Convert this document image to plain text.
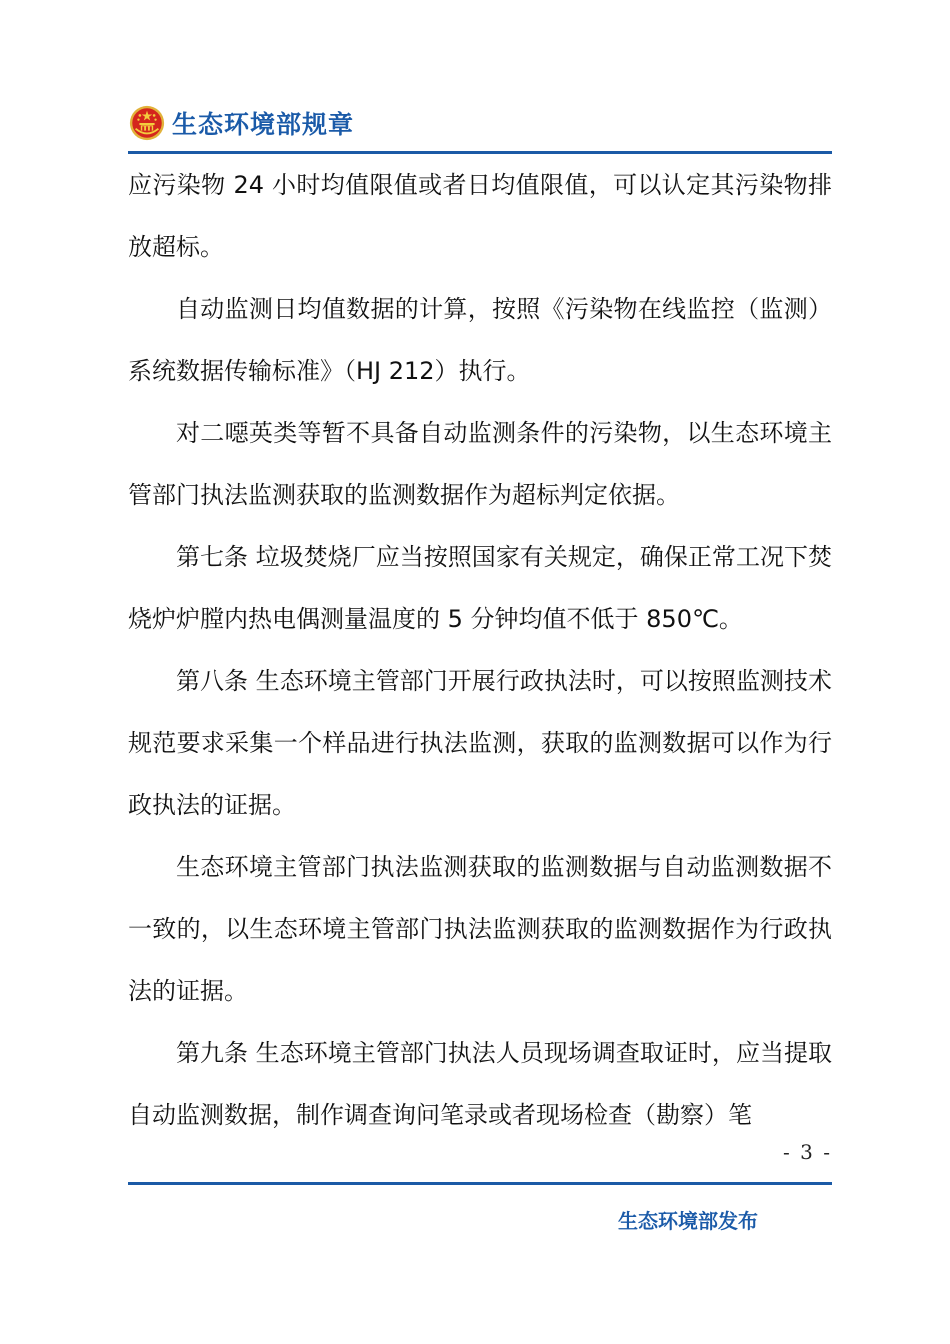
生态环境部规章

应污染物 24 小时均值限值或者日均值限值，可以认定其污染物排放超标。

自动监测日均值数据的计算，按照《污染物在线监控（监测）系统数据传输标准》（HJ 212）执行。

对二噁英类等暂不具备自动监测条件的污染物，以生态环境主管部门执法监测获取的监测数据作为超标判定依据。

第七条 垃圾焚烧厂应当按照国家有关规定，确保正常工况下焚烧炉炉膛内热电偶测量温度的 5 分钟均值不低于 850℃。

第八条 生态环境主管部门开展行政执法时，可以按照监测技术规范要求采集一个样品进行执法监测，获取的监测数据可以作为行政执法的证据。

生态环境主管部门执法监测获取的监测数据与自动监测数据不一致的，以生态环境主管部门执法监测获取的监测数据作为行政执法的证据。

第九条 生态环境主管部门执法人员现场调查取证时，应当提取自动监测数据，制作调查询问笔录或者现场检查（勘察）笔

- 3 -
生态环境部发布
